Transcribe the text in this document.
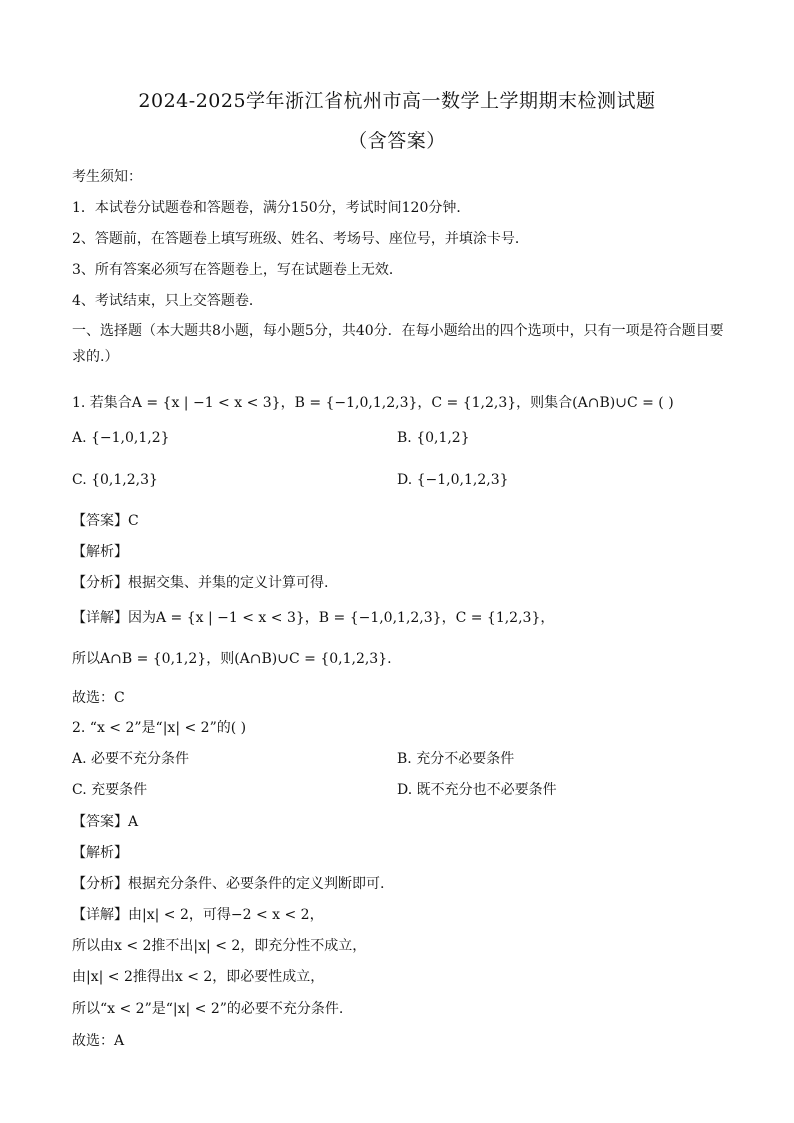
2024-2025学年浙江省杭州市高一数学上学期期末检测试题
（含答案）
考生须知：
1．本试卷分试题卷和答题卷，满分150分，考试时间120分钟．
2、答题前，在答题卷上填写班级、姓名、考场号、座位号，并填涂卡号．
3、所有答案必须写在答题卷上，写在试题卷上无效．
4、考试结束，只上交答题卷．
一、选择题（本大题共8小题，每小题5分，共40分．在每小题给出的四个选项中，只有一项是符合题目要求的.）
1. 若集合A = {x | −1 < x < 3}，B = {−1,0,1,2,3}，C = {1,2,3}，则集合(A∩B)∪C = ( )
A. {−1,0,1,2}	B. {0,1,2}
C. {0,1,2,3}	D. {−1,0,1,2,3}
【答案】C
【解析】
【分析】根据交集、并集的定义计算可得.
【详解】因为A = {x | −1 < x < 3}，B = {−1,0,1,2,3}，C = {1,2,3}，
所以A∩B = {0,1,2}，则(A∩B)∪C = {0,1,2,3}.
故选：C
2. “x < 2”是“|x| < 2”的( )
A. 必要不充分条件	B. 充分不必要条件
C. 充要条件	D. 既不充分也不必要条件
【答案】A
【解析】
【分析】根据充分条件、必要条件的定义判断即可.
【详解】由|x| < 2，可得−2 < x < 2，
所以由x < 2推不出|x| < 2，即充分性不成立，
由|x| < 2推得出x < 2，即必要性成立，
所以“x < 2”是“|x| < 2”的必要不充分条件.
故选：A
